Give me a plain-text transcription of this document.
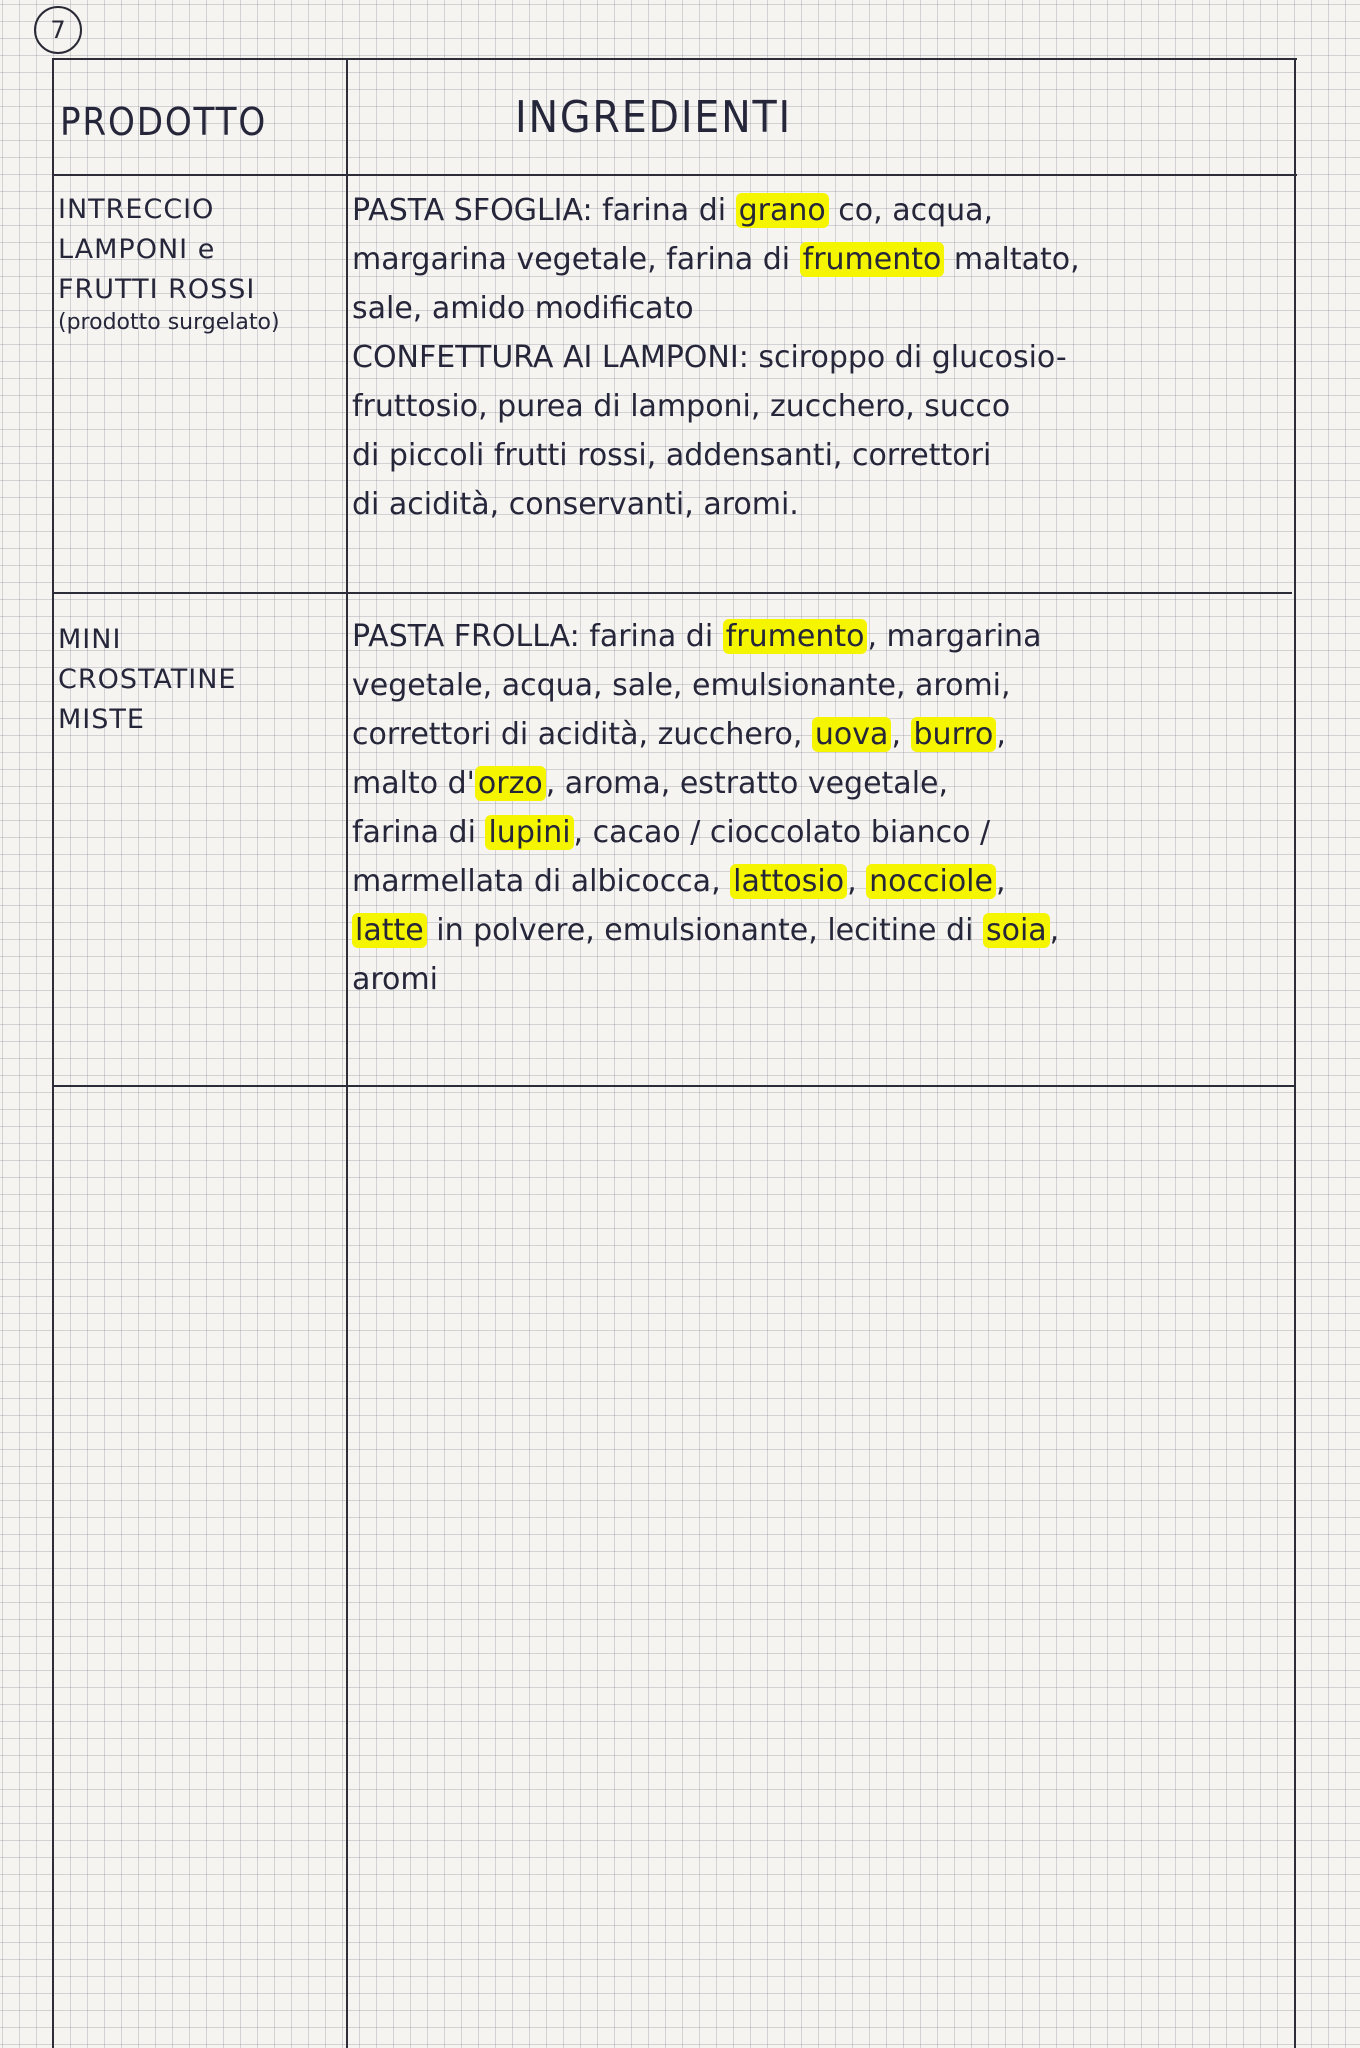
7
PRODOTTO	INGREDIENTI
INTRECCIO
LAMPONI e
FRUTTI ROSSI
(prodotto surgelato)
PASTA SFOGLIA: farina di grano co, acqua,
margarina vegetale, farina di frumento maltato,
sale, amido modificato
CONFETTURA AI LAMPONI: sciroppo di glucosio-
fruttosio, purea di lamponi, zucchero, succo
di piccoli frutti rossi, addensanti, correttori
di acidità, conservanti, aromi.
MINI
CROSTATINE
MISTE
PASTA FROLLA: farina di frumento , margarina
vegetale, acqua, sale, emulsionante, aromi,
correttori di acidità, zucchero, uova , burro ,
malto d' orzo , aroma, estratto vegetale,
farina di lupini , cacao / cioccolato bianco /
marmellata di albicocca, lattosio , nocciole ,
latte in polvere, emulsionante, lecitine di soia ,
aromi
